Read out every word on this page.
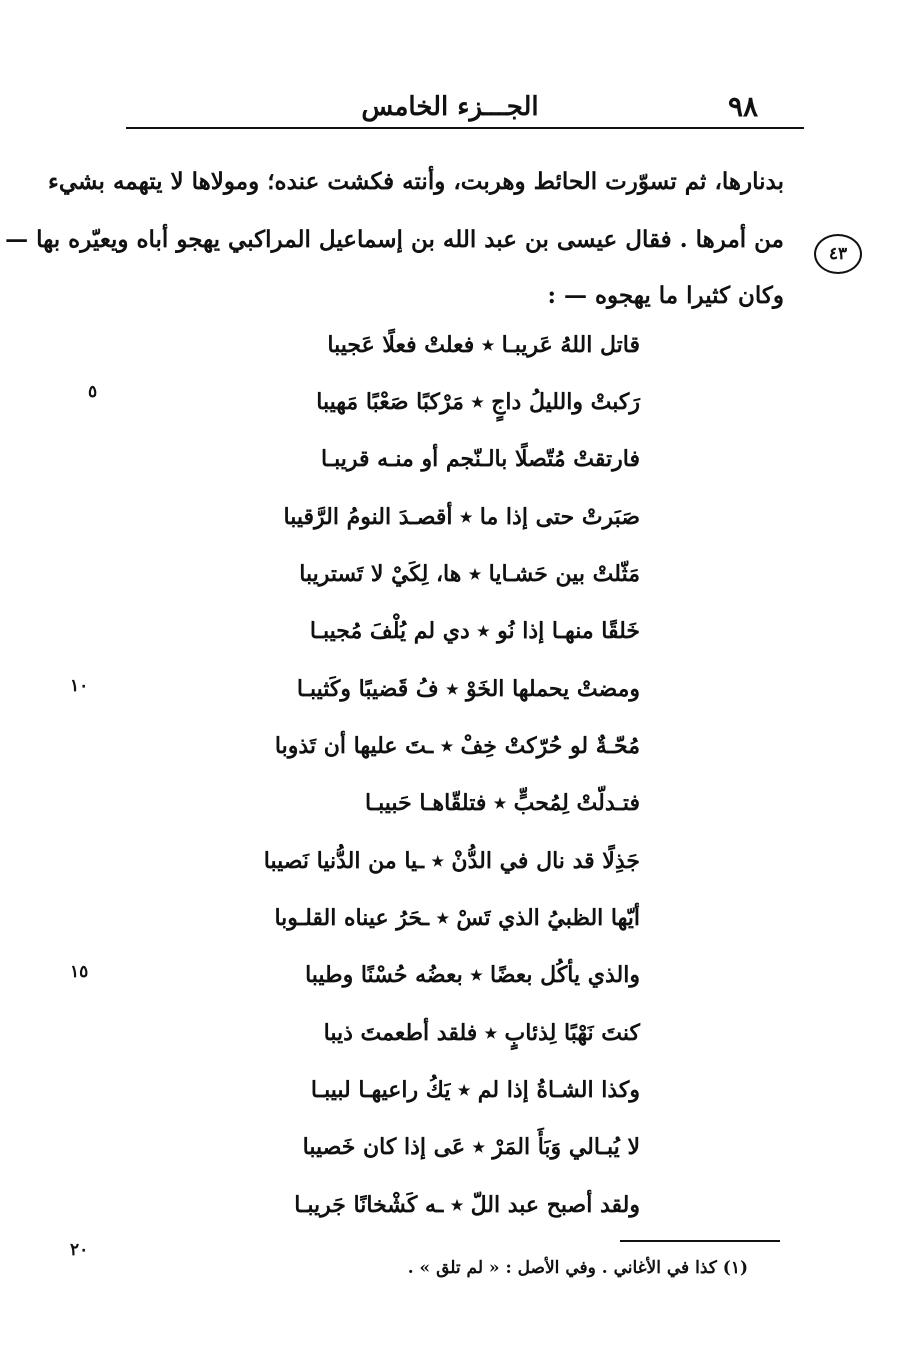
٩٨
الجـــزء الخامس
٤٣
بدنارها، ثم تسوّرت الحائط وهربت، وأنته فكشت عنده؛ ومولاها لا يتهمه بشيء
من أمرها . فقال عيسى بن عبد الله بن إسماعيل المراكبي يهجو أباه ويعيّره بها —
وكان كثيرا ما يهجوه — :
قاتل اللهُ عَريبـا ٭ فعلتْ فعلًا عَجيبا
رَكبتْ والليلُ داجٍ ٭ مَرْكبًا صَعْبًا مَهيبا
فارتقتْ مُتّصلًا بالـنّجم أو منـه قريبـا
صَبَرتْ حتى إذا ما ٭ أقصـدَ النومُ الرَّقيبا
مَثّلتْ بين حَشـايا ٭ ها، لِكَيْ لا تَستريبا
خَلقًا منهـا إذا نُو ٭ دي لم يُلْفَ مُجيبـا
ومضتْ يحملها الخَوْ ٭ فُ قَضيبًا وكَثيبـا
مُحّـةٌ لو حُرّكتْ خِفْ ٭ ـتَ عليها أن تَذوبا
فتـدلّتْ لِمُحبٍّ ٭ فتلقّاهـا حَبيبـا
جَذِلًا قد نال في الدُّنْ ٭ ـيا من الدُّنيا نَصيبا
أيّها الظبيُ الذي تَسْ ٭ ـحَرُ عيناه القلـوبا
والذي يأكُل بعضًا ٭ بعضُه حُسْنًا وطيبا
كنتَ نَهْبًا لِذئابٍ ٭ فلقد أطعمتَ ذيبا
وكذا الشـاةُ إذا لم ٭ يَكُ راعيهـا لبيبـا
لا يُبـالي وَبَأَ المَرْ ٭ عَى إذا كان خَصيبا
ولقد أصبح عبد اللّ ٭ ـه كَشْخانًا جَريبـا
٥
١٠
١٥
٢٠
(١) كذا في الأغاني . وفي الأصل : « لم تلق » .
